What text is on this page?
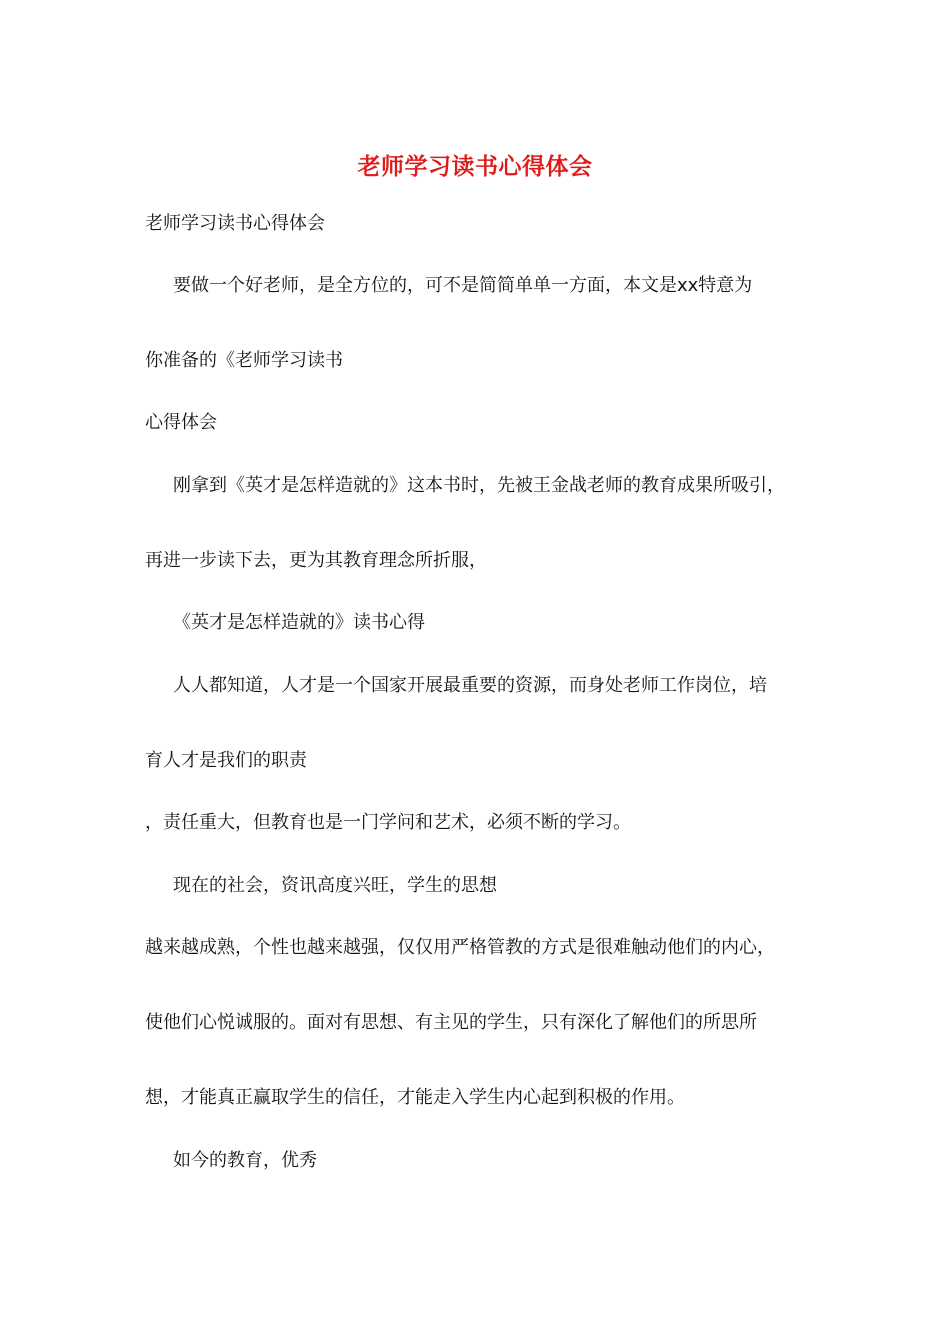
老师学习读书心得体会
老师学习读书心得体会
要做一个好老师，是全方位的，可不是简简单单一方面，本文是xx特意为
你准备的《老师学习读书
心得体会
刚拿到《英才是怎样造就的》这本书时，先被王金战老师的教育成果所吸引，
再进一步读下去，更为其教育理念所折服，
《英才是怎样造就的》读书心得
人人都知道，人才是一个国家开展最重要的资源，而身处老师工作岗位，培
育人才是我们的职责
，责任重大，但教育也是一门学问和艺术，必须不断的学习。
现在的社会，资讯高度兴旺，学生的思想
越来越成熟，个性也越来越强，仅仅用严格管教的方式是很难触动他们的内心，
使他们心悦诚服的。面对有思想、有主见的学生，只有深化了解他们的所思所
想，才能真正赢取学生的信任，才能走入学生内心起到积极的作用。
如今的教育，优秀
